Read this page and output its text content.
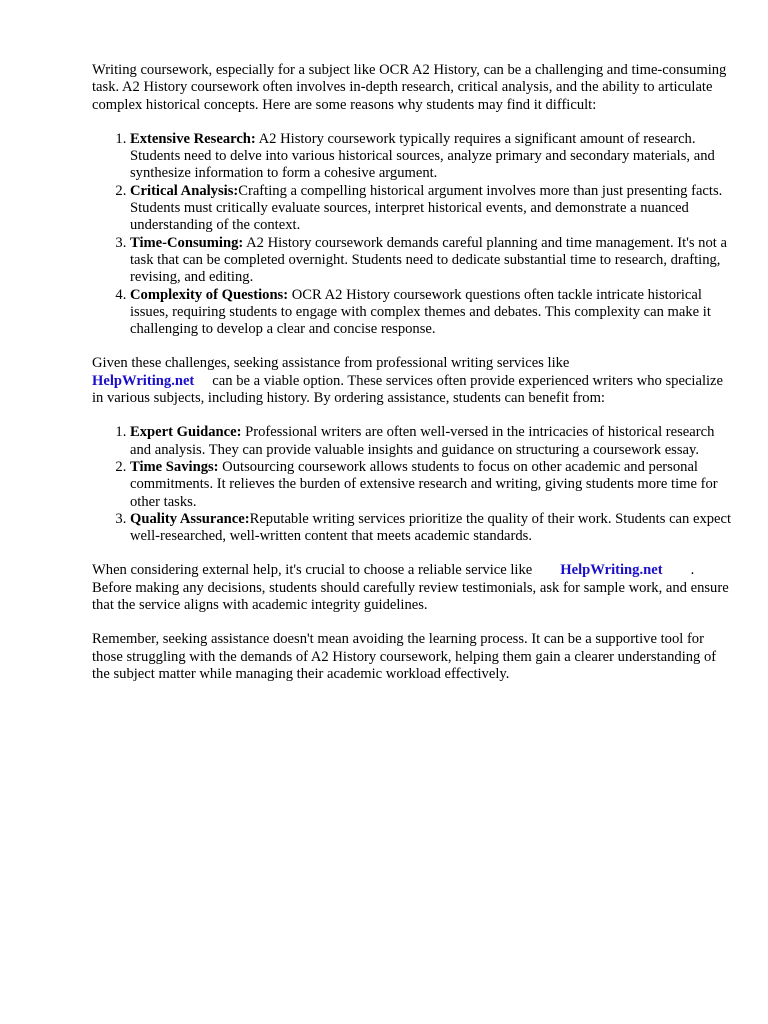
Writing coursework, especially for a subject like OCR A2 History, can be a challenging and time-consuming task. A2 History coursework often involves in-depth research, critical analysis, and the ability to articulate complex historical concepts. Here are some reasons why students may find it difficult:

1. Extensive Research: A2 History coursework typically requires a significant amount of research. Students need to delve into various historical sources, analyze primary and secondary materials, and synthesize information to form a cohesive argument.
2. Critical Analysis:Crafting a compelling historical argument involves more than just presenting facts. Students must critically evaluate sources, interpret historical events, and demonstrate a nuanced understanding of the context.
3. Time-Consuming: A2 History coursework demands careful planning and time management. It's not a task that can be completed overnight. Students need to dedicate substantial time to research, drafting, revising, and editing.
4. Complexity of Questions: OCR A2 History coursework questions often tackle intricate historical issues, requiring students to engage with complex themes and debates. This complexity can make it challenging to develop a clear and concise response.

Given these challenges, seeking assistance from professional writing services like
HelpWriting.net can be a viable option. These services often provide experienced writers who specialize in various subjects, including history. By ordering assistance, students can benefit from:

1. Expert Guidance: Professional writers are often well-versed in the intricacies of historical research and analysis. They can provide valuable insights and guidance on structuring a coursework essay.
2. Time Savings: Outsourcing coursework allows students to focus on other academic and personal commitments. It relieves the burden of extensive research and writing, giving students more time for other tasks.
3. Quality Assurance:Reputable writing services prioritize the quality of their work. Students can expect well-researched, well-written content that meets academic standards.

When considering external help, it's crucial to choose a reliable service like HelpWriting.net . Before making any decisions, students should carefully review testimonials, ask for sample work, and ensure that the service aligns with academic integrity guidelines.

Remember, seeking assistance doesn't mean avoiding the learning process. It can be a supportive tool for those struggling with the demands of A2 History coursework, helping them gain a clearer understanding of the subject matter while managing their academic workload effectively.
